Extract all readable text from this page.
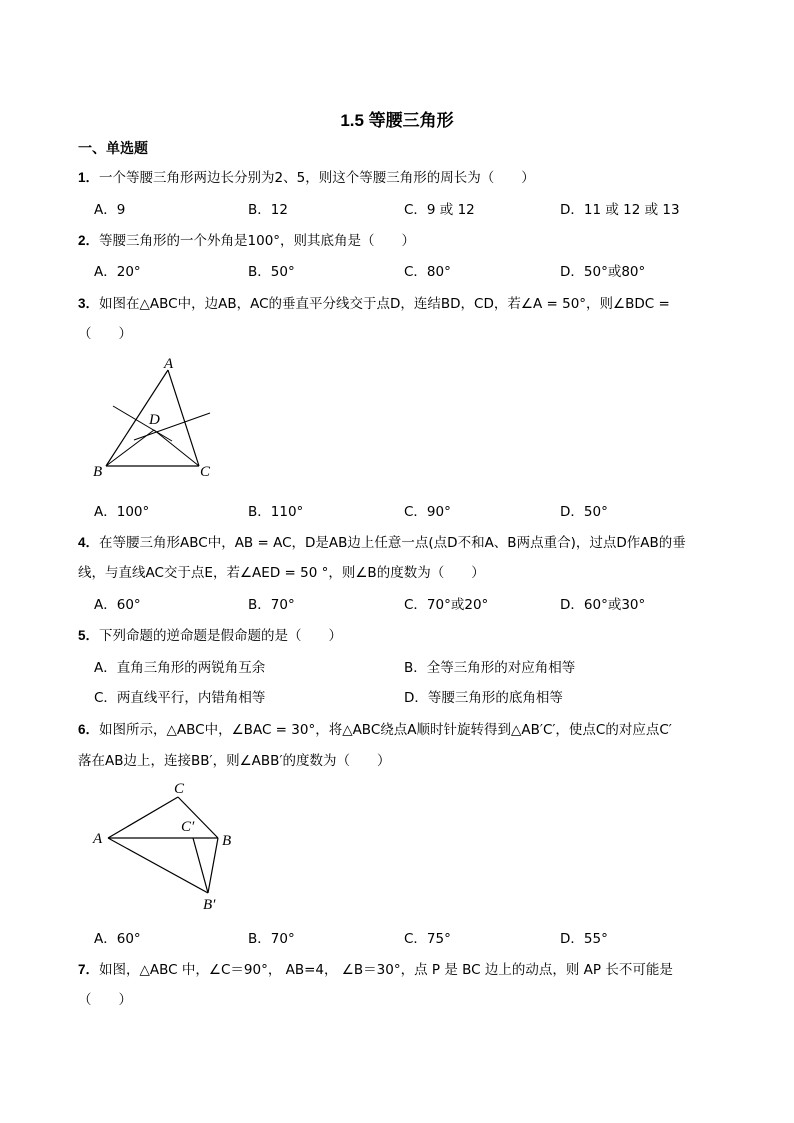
1.5 等腰三角形
一、单选题
1．一个等腰三角形两边长分别为2、5，则这个等腰三角形的周长为（　　）
A．9	B．12	C．9 或 12	D．11 或 12 或 13
2．等腰三角形的一个外角是100°，则其底角是（　　）
A．20°	B．50°	C．80°	D．50°或80°
3．如图在△ABC中，边AB，AC的垂直平分线交于点D，连结BD，CD，若∠A = 50°，则∠BDC =
（　　）
A
B	C
D
A．100°	B．110°	C．90°	D．50°
4．在等腰三角形ABC中，AB = AC，D是AB边上任意一点(点D不和A、B两点重合)，过点D作AB的垂
线，与直线AC交于点E，若∠AED = 50 °，则∠B的度数为（　　）
A．60°	B．70°	C．70°或20°	D．60°或30°
5．下列命题的逆命题是假命题的是（　　）
A．直角三角形的两锐角互余	B．全等三角形的对应角相等
C．两直线平行，内错角相等	D．等腰三角形的底角相等
6．如图所示，△ABC中，∠BAC = 30°，将△ABC绕点A顺时针旋转得到△AB′C′，使点C的对应点C′
落在AB边上，连接BB′，则∠ABB′的度数为（　　）
C
A
C′
B
B′
A．60°	B．70°	C．75°	D．55°
7．如图，△ABC 中，∠C＝90°， AB=4， ∠B＝30°，点 P 是 BC 边上的动点，则 AP 长不可能是
（　　）
